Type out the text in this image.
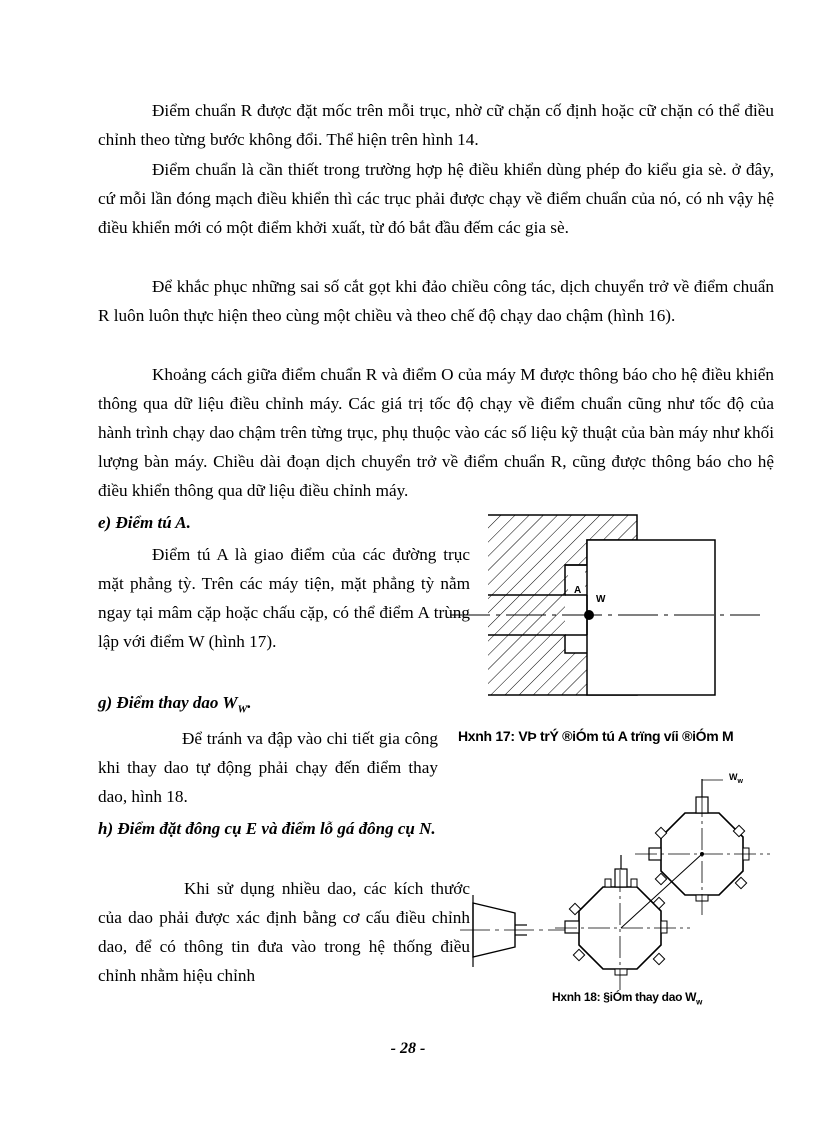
Điểm chuẩn R được đặt mốc trên mỗi trục, nhờ cữ chặn cố định hoặc cữ chặn có thể điều chỉnh theo từng bước không đổi. Thể hiện trên hình 14.

Điểm chuẩn là cần thiết trong trường hợp hệ điều khiển dùng phép đo kiểu gia sè. ở đây, cứ mỗi lần đóng mạch điều khiển thì các trục phải được chạy về điểm chuẩn của nó, có nh vậy hệ điều khiển mới có một điểm khởi xuất, từ đó bắt đầu đếm các gia sè.

Để khắc phục những sai số cắt gọt khi đảo chiều công tác, dịch chuyển trở về điểm chuẩn R luôn luôn thực hiện theo cùng một chiều và theo chế độ chạy dao chậm (hình 16).

Khoảng cách giữa điểm chuẩn R và điểm O của máy M được thông báo cho hệ điều khiển thông qua dữ liệu điều chỉnh máy. Các giá trị tốc độ chạy về điểm chuẩn cũng như tốc độ của hành trình chạy dao chậm trên từng trục, phụ thuộc vào các số liệu kỹ thuật của bàn máy như khối lượng bàn máy. Chiều dài đoạn dịch chuyển trở về điểm chuẩn R, cũng được thông báo cho hệ điều khiển thông qua dữ liệu điều chỉnh máy.

e) Điểm tú A.

Điểm tú A là giao điểm của các đường trục mặt phẳng tỳ. Trên các máy tiện, mặt phẳng tỳ nằm ngay tại mâm cặp hoặc chấu cặp, có thể điểm A trùng lập với điểm W (hình 17).

g) Điểm thay dao $W_W$.

Để tránh va đập vào chi tiết gia công khi thay dao tự động phải chạy đến điểm thay dao, hình 18.

h) Điểm đặt đông cụ E và điểm lỗ gá đông cụ N.

Khi sử dụng nhiều dao, các kích thước của dao phải được xác định bằng cơ cấu điều chỉnh dao, để có thông tin đưa vào trong hệ thống điều chỉnh nhằm hiệu chỉnh

A
W
Hxnh 17: VÞ trÝ ®iÓm tú A trïng víi ®iÓm M
$W_w$
Hxnh 18: §iÓm thay dao $W_w$
- 28 -
